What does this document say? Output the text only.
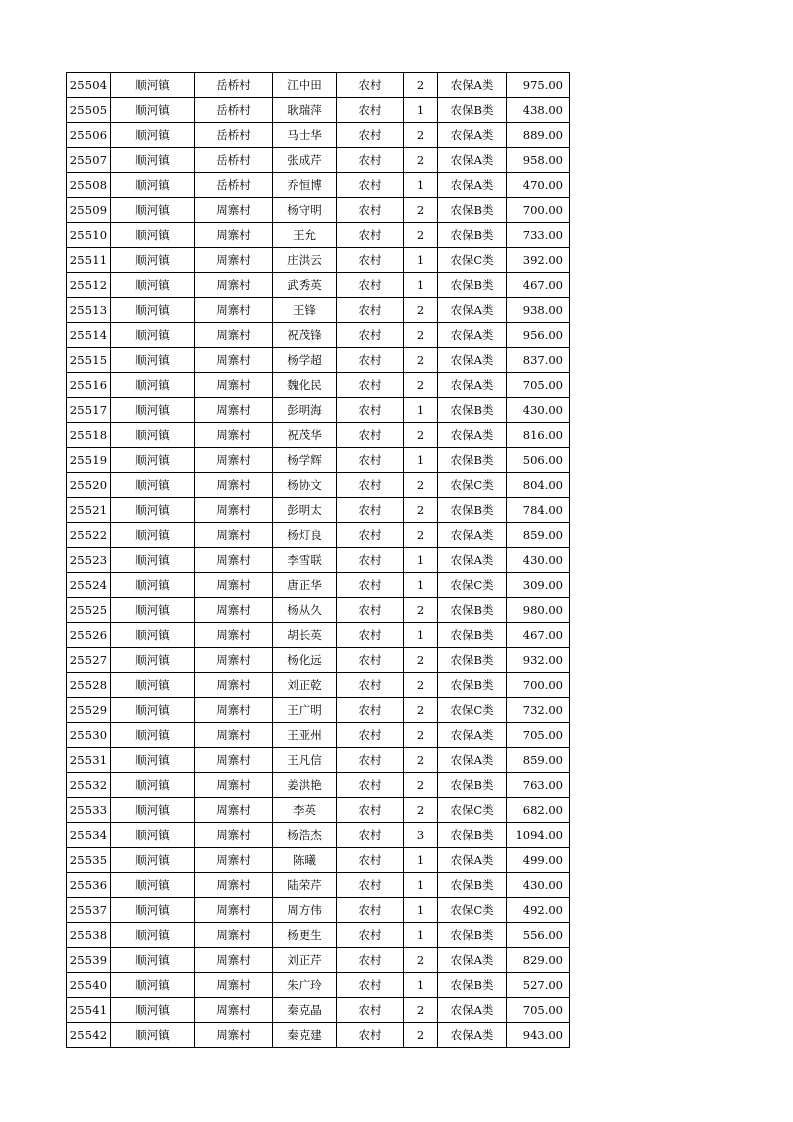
25504	顺河镇	岳桥村	江中田	农村	2	农保A类	975.00
25505	顺河镇	岳桥村	耿瑞萍	农村	1	农保B类	438.00
25506	顺河镇	岳桥村	马士华	农村	2	农保A类	889.00
25507	顺河镇	岳桥村	张成芹	农村	2	农保A类	958.00
25508	顺河镇	岳桥村	乔恒博	农村	1	农保A类	470.00
25509	顺河镇	周寨村	杨守明	农村	2	农保B类	700.00
25510	顺河镇	周寨村	王允	农村	2	农保B类	733.00
25511	顺河镇	周寨村	庄洪云	农村	1	农保C类	392.00
25512	顺河镇	周寨村	武秀英	农村	1	农保B类	467.00
25513	顺河镇	周寨村	王锋	农村	2	农保A类	938.00
25514	顺河镇	周寨村	祝茂锋	农村	2	农保A类	956.00
25515	顺河镇	周寨村	杨学超	农村	2	农保A类	837.00
25516	顺河镇	周寨村	魏化民	农村	2	农保A类	705.00
25517	顺河镇	周寨村	彭明海	农村	1	农保B类	430.00
25518	顺河镇	周寨村	祝茂华	农村	2	农保A类	816.00
25519	顺河镇	周寨村	杨学辉	农村	1	农保B类	506.00
25520	顺河镇	周寨村	杨协文	农村	2	农保C类	804.00
25521	顺河镇	周寨村	彭明太	农村	2	农保B类	784.00
25522	顺河镇	周寨村	杨灯良	农村	2	农保A类	859.00
25523	顺河镇	周寨村	李雪联	农村	1	农保A类	430.00
25524	顺河镇	周寨村	唐正华	农村	1	农保C类	309.00
25525	顺河镇	周寨村	杨从久	农村	2	农保B类	980.00
25526	顺河镇	周寨村	胡长英	农村	1	农保B类	467.00
25527	顺河镇	周寨村	杨化远	农村	2	农保B类	932.00
25528	顺河镇	周寨村	刘正乾	农村	2	农保B类	700.00
25529	顺河镇	周寨村	王广明	农村	2	农保C类	732.00
25530	顺河镇	周寨村	王亚州	农村	2	农保A类	705.00
25531	顺河镇	周寨村	王凡信	农村	2	农保A类	859.00
25532	顺河镇	周寨村	姜洪艳	农村	2	农保B类	763.00
25533	顺河镇	周寨村	李英	农村	2	农保C类	682.00
25534	顺河镇	周寨村	杨浩杰	农村	3	农保B类	1094.00
25535	顺河镇	周寨村	陈曦	农村	1	农保A类	499.00
25536	顺河镇	周寨村	陆荣芹	农村	1	农保B类	430.00
25537	顺河镇	周寨村	周方伟	农村	1	农保C类	492.00
25538	顺河镇	周寨村	杨更生	农村	1	农保B类	556.00
25539	顺河镇	周寨村	刘正芹	农村	2	农保A类	829.00
25540	顺河镇	周寨村	朱广玲	农村	1	农保B类	527.00
25541	顺河镇	周寨村	秦克晶	农村	2	农保A类	705.00
25542	顺河镇	周寨村	秦克建	农村	2	农保A类	943.00
